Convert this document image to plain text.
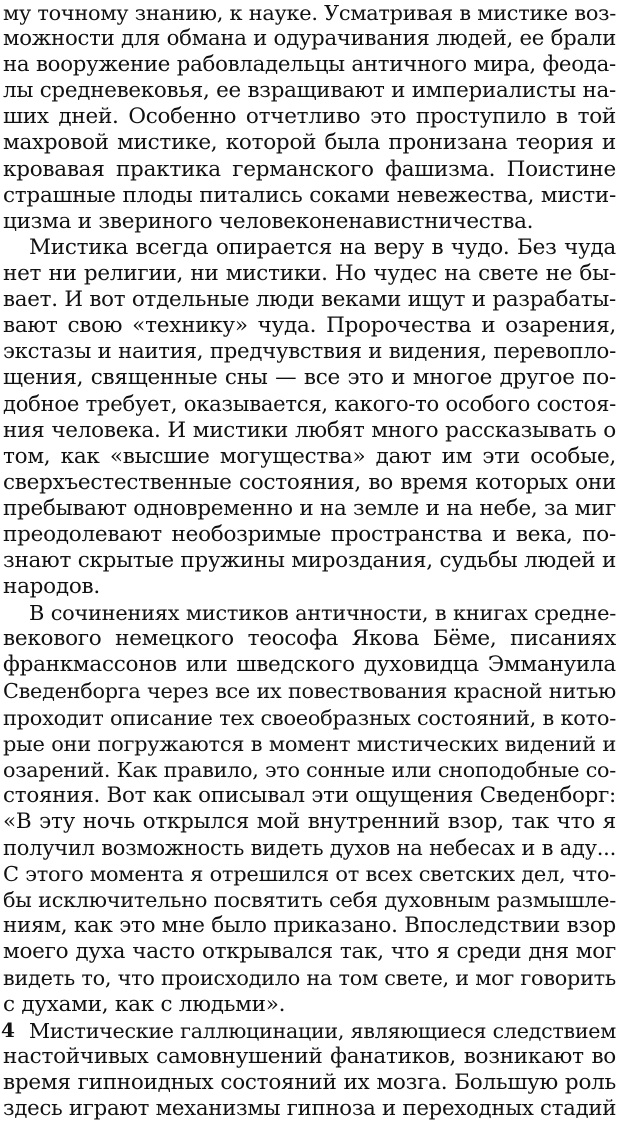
му точному знанию, к науке. Усматривая в мистике воз-
можности для обмана и одурачивания людей, ее брали
на вооружение рабовладельцы античного мира, феода-
лы средневековья, ее взращивают и империалисты на-
ших дней. Особенно отчетливо это проступило в той
махровой мистике, которой была пронизана теория и
кровавая практика германского фашизма. Поистине
страшные плоды питались соками невежества, мисти-
цизма и звериного человеконенавистничества.
Мистика всегда опирается на веру в чудо. Без чуда
нет ни религии, ни мистики. Но чудес на свете не бы-
вает. И вот отдельные люди веками ищут и разрабаты-
вают свою «технику» чуда. Пророчества и озарения,
экстазы и наития, предчувствия и видения, перевопло-
щения, священные сны — все это и многое другое по-
добное требует, оказывается, какого-то особого состоя-
ния человека. И мистики любят много рассказывать о
том, как «высшие могущества» дают им эти особые,
сверхъестественные состояния, во время которых они
пребывают одновременно и на земле и на небе, за миг
преодолевают необозримые пространства и века, по-
знают скрытые пружины мироздания, судьбы людей и
народов.
В сочинениях мистиков античности, в книгах средне-
векового немецкого теософа Якова Бёме, писаниях
франкмассонов или шведского духовидца Эммануила
Сведенборга через все их повествования красной нитью
проходит описание тех своеобразных состояний, в кото-
рые они погружаются в момент мистических видений и
озарений. Как правило, это сонные или сноподобные со-
стояния. Вот как описывал эти ощущения Сведенборг:
«В эту ночь открылся мой внутренний взор, так что я
получил возможность видеть духов на небесах и в аду...
С этого момента я отрешился от всех светских дел, что-
бы исключительно посвятить себя духовным размышле-
ниям, как это мне было приказано. Впоследствии взор
моего духа часто открывался так, что я среди дня мог
видеть то, что происходило на том свете, и мог говорить
с духами, как с людьми».
Мистические галлюцинации, являющиеся следствием
настойчивых самовнушений фанатиков, возникают во
время гипноидных состояний их мозга. Большую роль
здесь играют механизмы гипноза и переходных стадий
4
